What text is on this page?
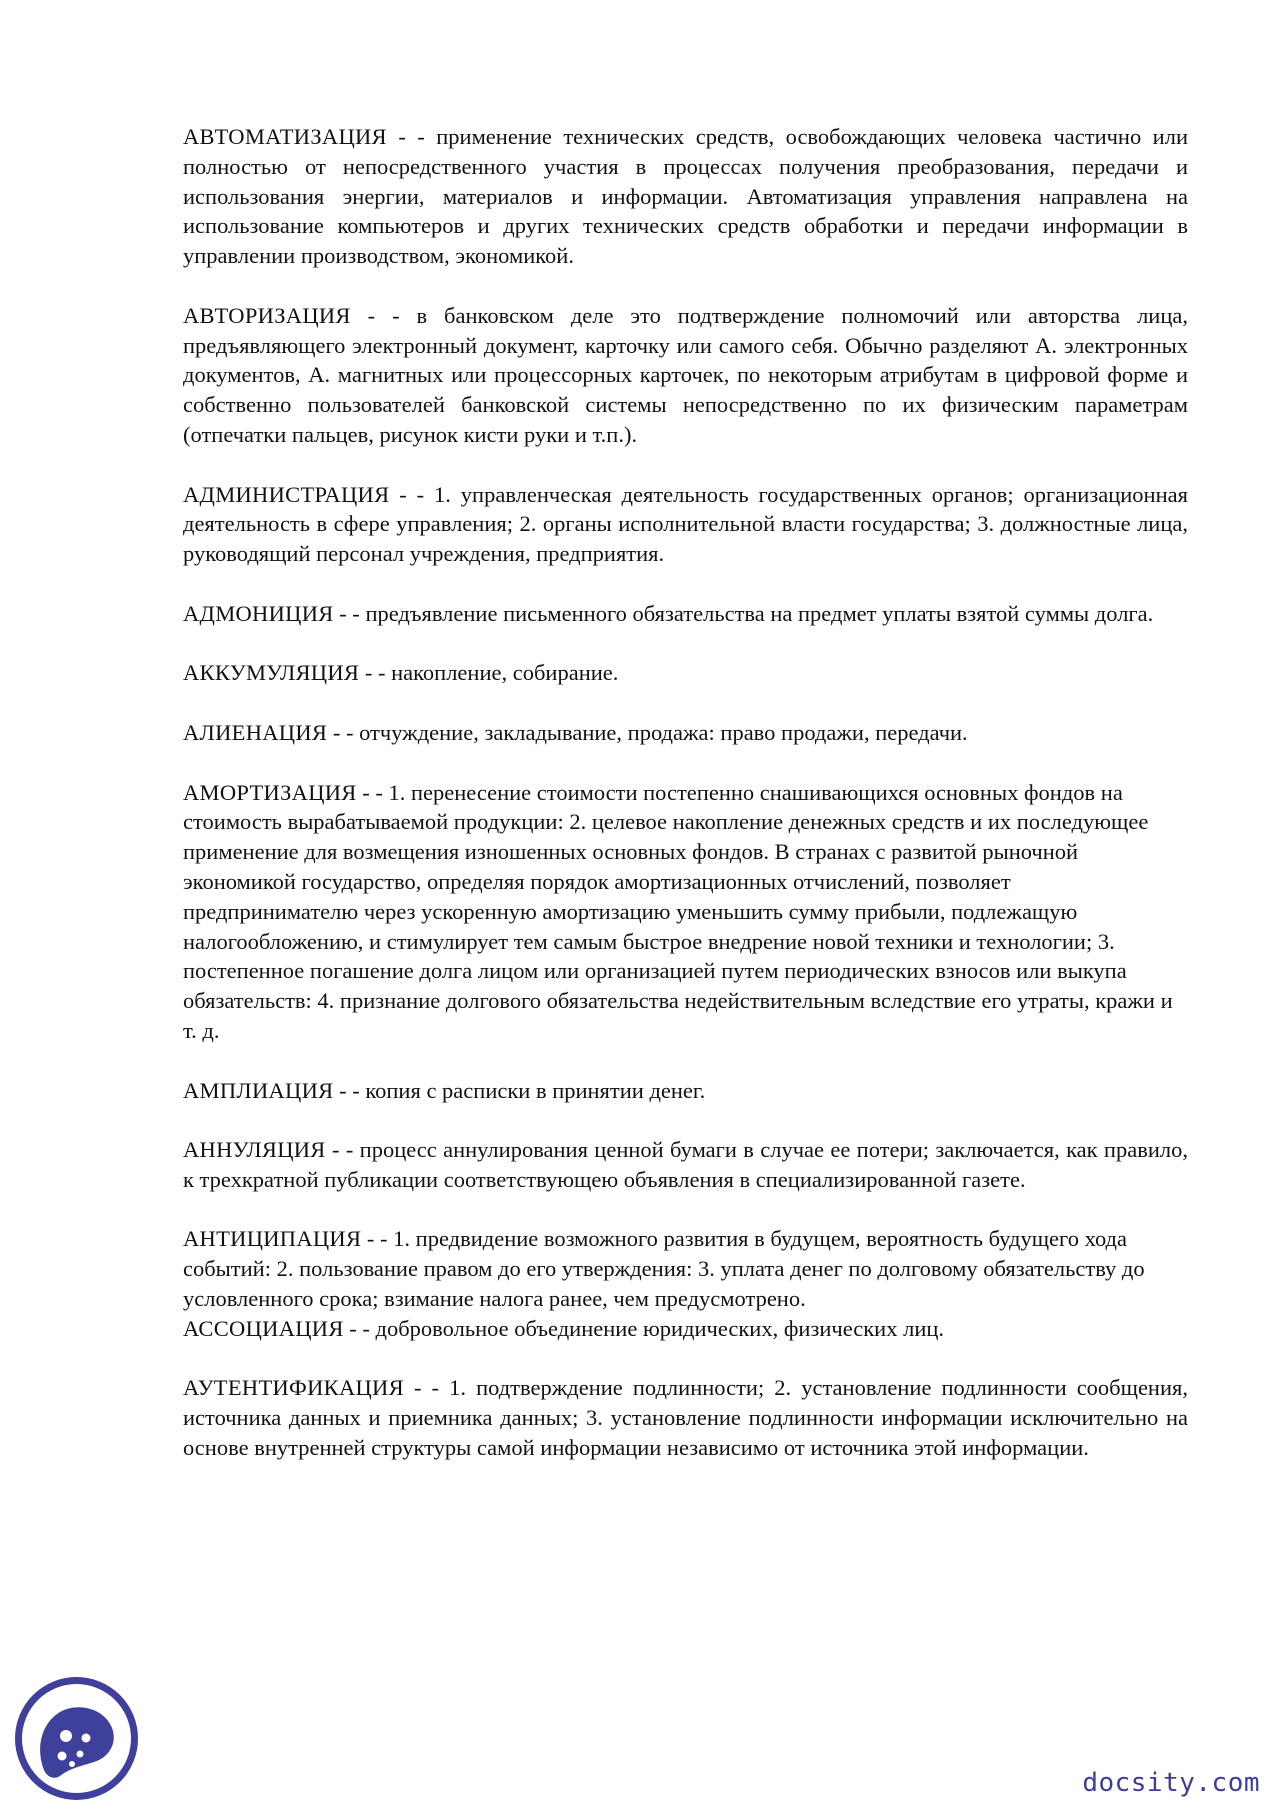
АВТОМАТИЗАЦИЯ - - применение технических средств, освобождающих человека частично или полностью от непосредственного участия в процессах получения преобразования, передачи и использования энергии, материалов и информации. Автоматизация управления направлена на использование компьютеров и других технических средств обработки и передачи информации в управлении производством, экономикой.

АВТОРИЗАЦИЯ - - в банковском деле это подтверждение полномочий или авторства лица, предъявляющего электронный документ, карточку или самого себя. Обычно разделяют А. электронных документов, А. магнитных или процессорных карточек, по некоторым атрибутам в цифровой форме и собственно пользователей банковской системы непосредственно по их физическим параметрам (отпечатки пальцев, рисунок кисти руки и т.п.).

АДМИНИСТРАЦИЯ - - 1. управленческая деятельность государственных органов; организационная деятельность в сфере управления; 2. органы исполнительной власти государства; 3. должностные лица, руководящий персонал учреждения, предприятия.

АДМОНИЦИЯ - - предъявление письменного обязательства на предмет уплаты взятой суммы долга.

АККУМУЛЯЦИЯ - - накопление, собирание.

АЛИЕНАЦИЯ - - отчуждение, закладывание, продажа: право продажи, передачи.

АМОРТИЗАЦИЯ - - 1. перенесение стоимости постепенно снашивающихся основных фондов на стоимость вырабатываемой продукции: 2. целевое накопление денежных средств и их последующее применение для возмещения изношенных основных фондов. В странах с развитой рыночной экономикой государство, определяя порядок амортизационных отчислений, позволяет предпринимателю через ускоренную амортизацию уменьшить сумму прибыли, подлежащую налогообложению, и стимулирует тем самым быстрое внедрение новой техники и технологии; 3. постепенное погашение долга лицом или организацией путем периодических взносов или выкупа обязательств: 4. признание долгового обязательства недействительным вследствие его утраты, кражи и т. д.

АМПЛИАЦИЯ - - копия с расписки в принятии денег.

АННУЛЯЦИЯ - - процесс аннулирования ценной бумаги в случае ее потери; заключается, как правило, к трехкратной публикации соответствующею объявления в специализированной газете.

АНТИЦИПАЦИЯ - - 1. предвидение возможного развития в будущем, вероятность будущего хода событий: 2. пользование правом до его утверждения: 3. уплата денег по долговому обязательству до условленного срока; взимание налога ранее, чем предусмотрено.

АССОЦИАЦИЯ - - добровольное объединение юридических, физических лиц.

АУТЕНТИФИКАЦИЯ - - 1. подтверждение подлинности; 2. установление подлинности сообщения, источника данных и приемника данных; 3. установление подлинности информации исключительно на основе внутренней структуры самой информации независимо от источника этой информации.

docsity.com
